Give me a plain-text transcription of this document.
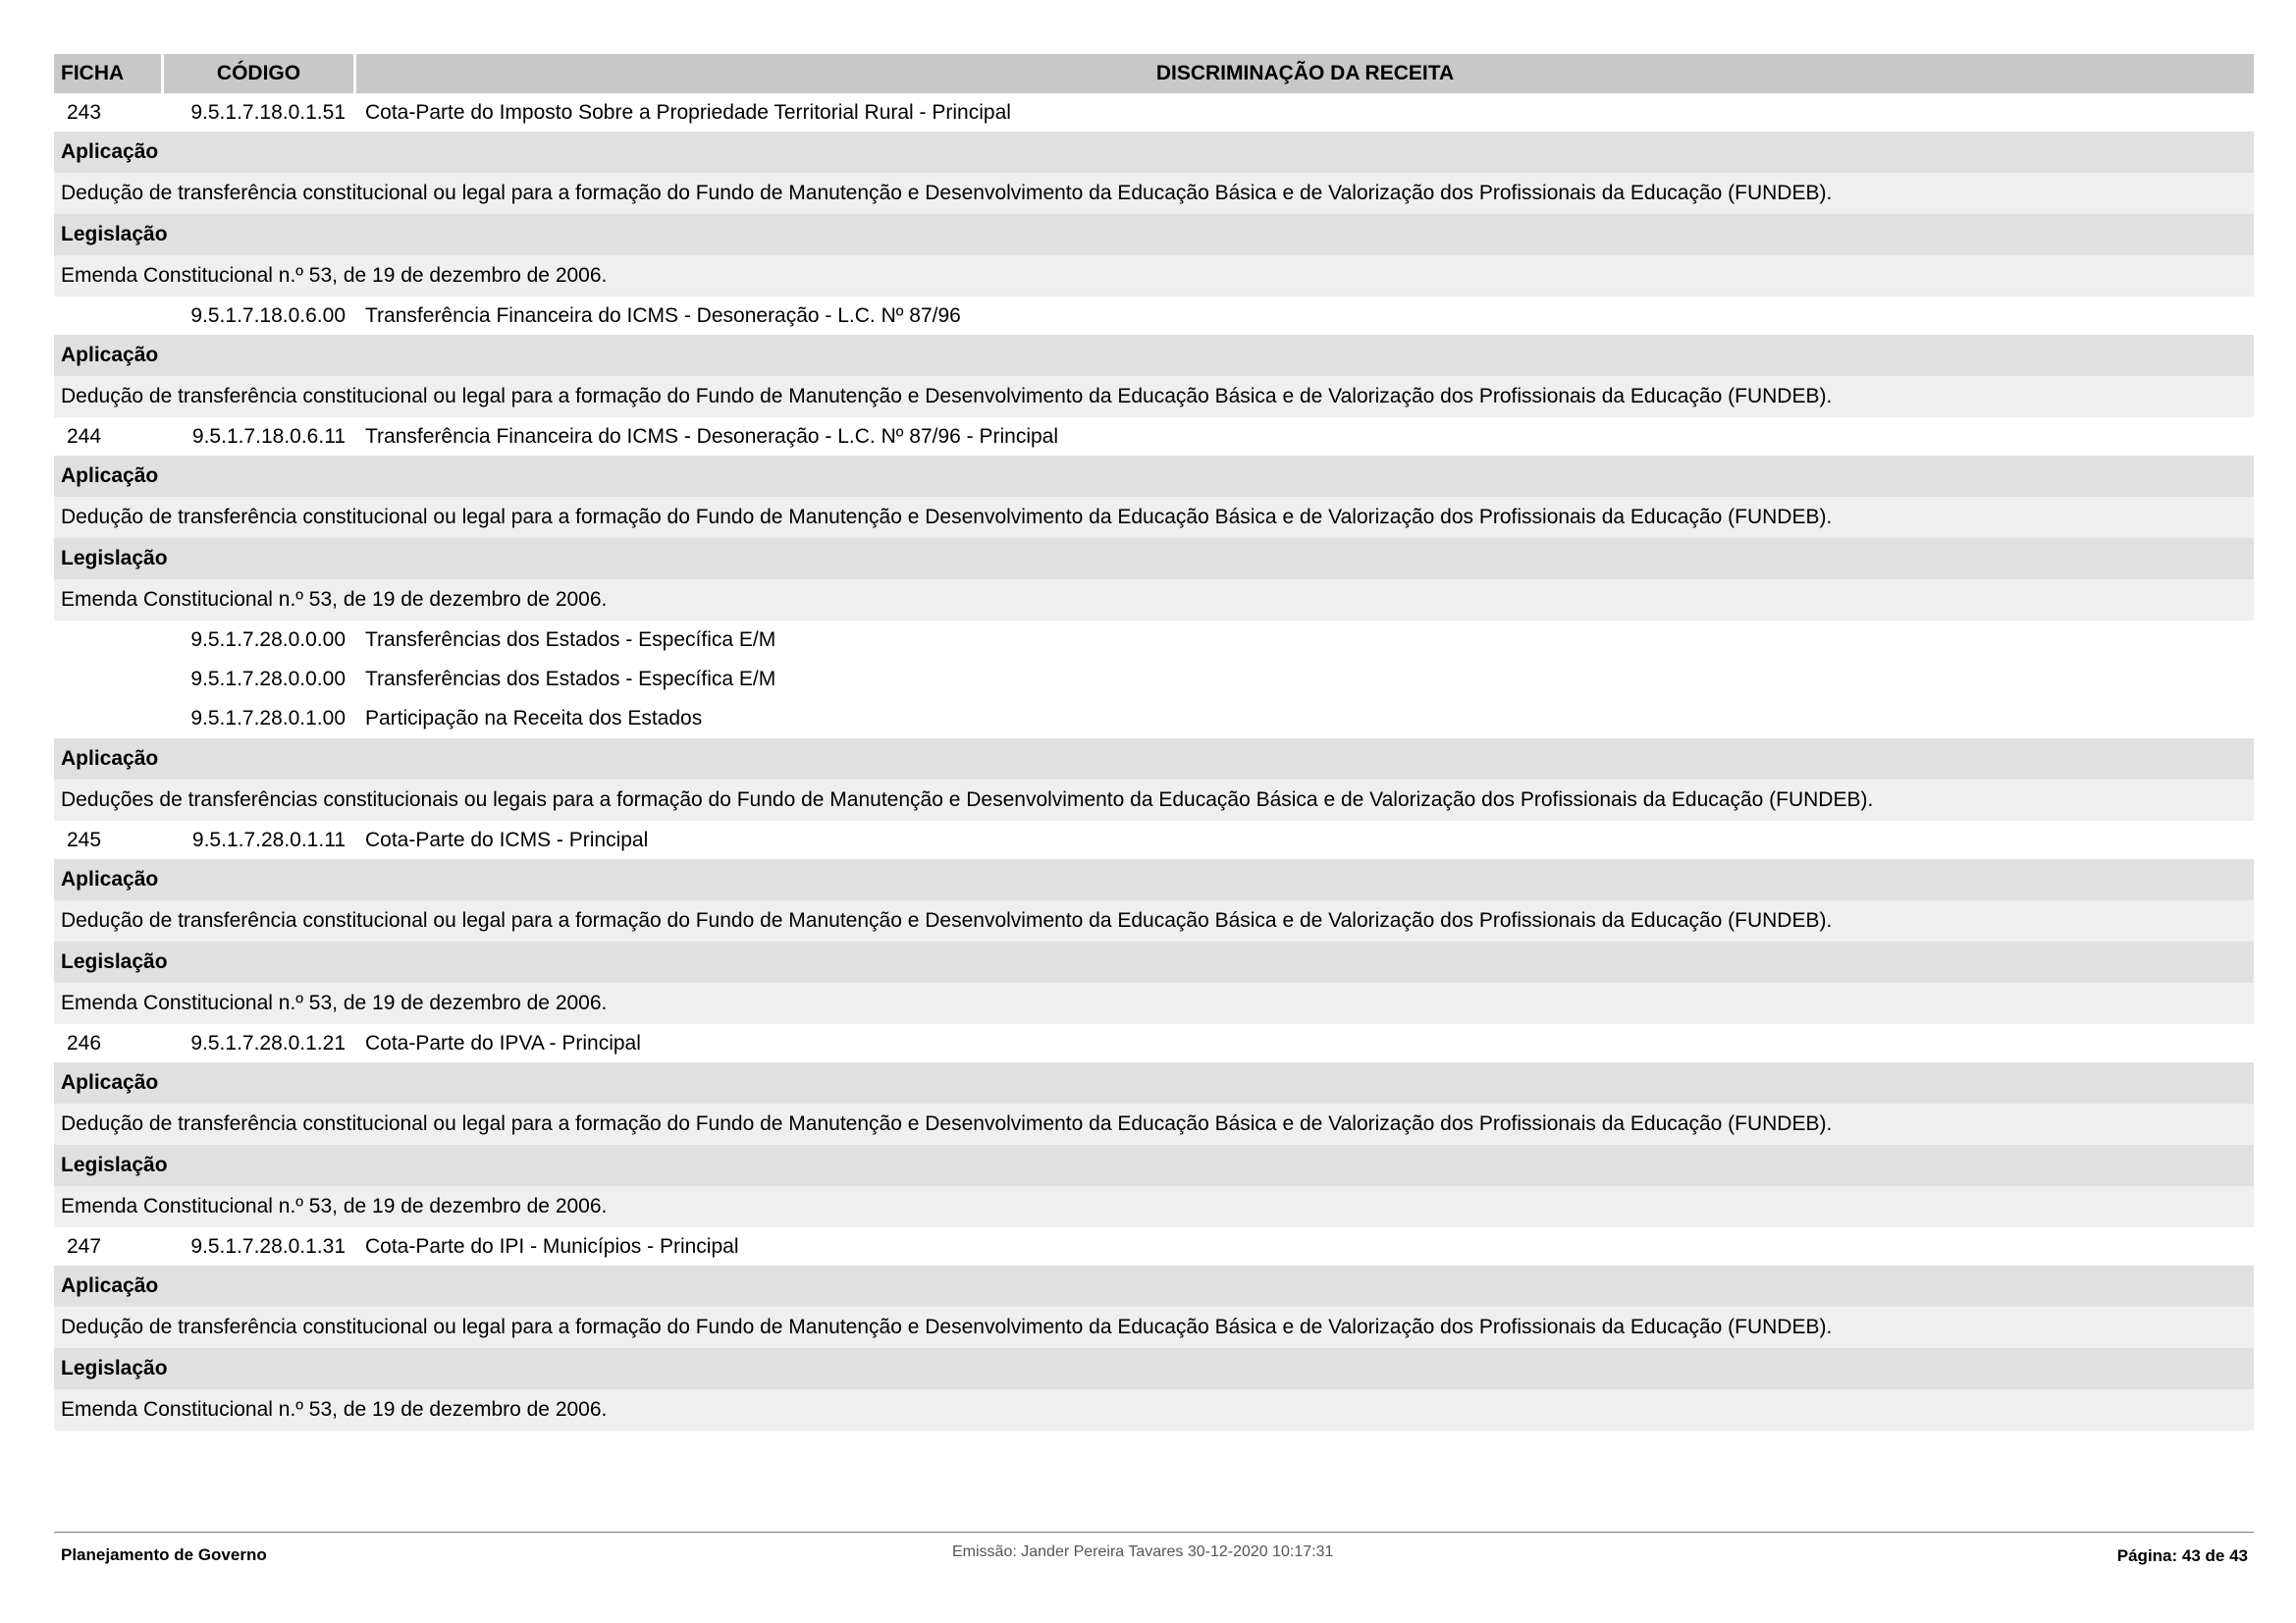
FICHA	CÓDIGO	DISCRIMINAÇÃO DA RECEITA
243	9.5.1.7.18.0.1.51 Cota-Parte do Imposto Sobre a Propriedade Territorial Rural - Principal
Aplicação
Dedução de transferência constitucional ou legal para a formação do Fundo de Manutenção e Desenvolvimento da Educação Básica e de Valorização dos Profissionais da Educação (FUNDEB).
Legislação
Emenda Constitucional n.º 53, de 19 de dezembro de 2006.
9.5.1.7.18.0.6.00 Transferência Financeira do ICMS - Desoneração - L.C. Nº 87/96
Aplicação
Dedução de transferência constitucional ou legal para a formação do Fundo de Manutenção e Desenvolvimento da Educação Básica e de Valorização dos Profissionais da Educação (FUNDEB).
244	9.5.1.7.18.0.6.11 Transferência Financeira do ICMS - Desoneração - L.C. Nº 87/96 - Principal
Aplicação
Dedução de transferência constitucional ou legal para a formação do Fundo de Manutenção e Desenvolvimento da Educação Básica e de Valorização dos Profissionais da Educação (FUNDEB).
Legislação
Emenda Constitucional n.º 53, de 19 de dezembro de 2006.
9.5.1.7.28.0.0.00 Transferências dos Estados - Específica E/M
9.5.1.7.28.0.0.00 Transferências dos Estados - Específica E/M
9.5.1.7.28.0.1.00 Participação na Receita dos Estados
Aplicação
Deduções de transferências constitucionais ou legais para a formação do Fundo de Manutenção e Desenvolvimento da Educação Básica e de Valorização dos Profissionais da Educação (FUNDEB).
245	9.5.1.7.28.0.1.11 Cota-Parte do ICMS - Principal
Aplicação
Dedução de transferência constitucional ou legal para a formação do Fundo de Manutenção e Desenvolvimento da Educação Básica e de Valorização dos Profissionais da Educação (FUNDEB).
Legislação
Emenda Constitucional n.º 53, de 19 de dezembro de 2006.
246	9.5.1.7.28.0.1.21 Cota-Parte do IPVA - Principal
Aplicação
Dedução de transferência constitucional ou legal para a formação do Fundo de Manutenção e Desenvolvimento da Educação Básica e de Valorização dos Profissionais da Educação (FUNDEB).
Legislação
Emenda Constitucional n.º 53, de 19 de dezembro de 2006.
247	9.5.1.7.28.0.1.31 Cota-Parte do IPI - Municípios - Principal
Aplicação
Dedução de transferência constitucional ou legal para a formação do Fundo de Manutenção e Desenvolvimento da Educação Básica e de Valorização dos Profissionais da Educação (FUNDEB).
Legislação
Emenda Constitucional n.º 53, de 19 de dezembro de 2006.
Planejamento de Governo	Emissão: Jander Pereira Tavares 30-12-2020 10:17:31	Página: 43 de 43
